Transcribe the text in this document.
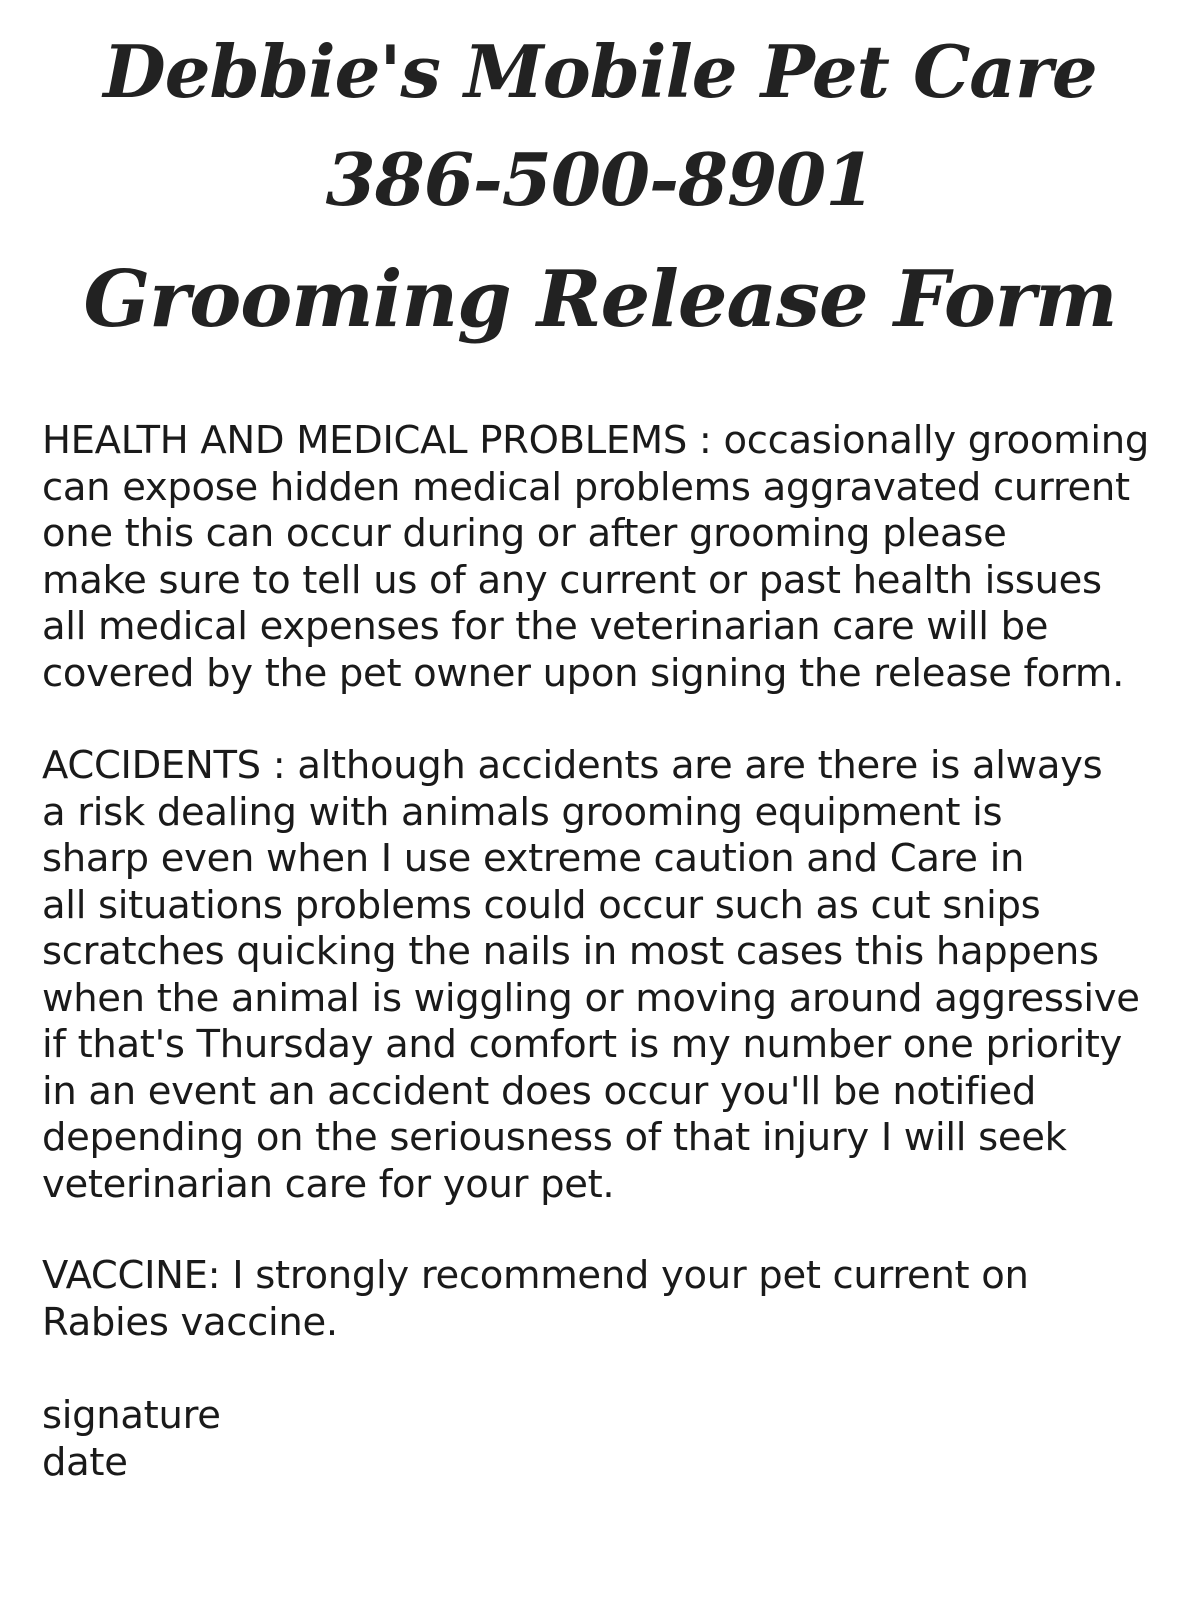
Debbie's Mobile Pet Care
386-500-8901
Grooming Release Form
HEALTH AND MEDICAL PROBLEMS : occasionally grooming
can expose hidden medical problems aggravated current
one this can occur during or after grooming please
make sure to tell us of any current or past health issues
all medical expenses for the veterinarian care will be
covered by the pet owner upon signing the release form.
ACCIDENTS : although accidents are are there is always
a risk dealing with animals grooming equipment is
sharp even when I use extreme caution and Care in
all situations problems could occur such as cut snips
scratches quicking the nails in most cases this happens
when the animal is wiggling or moving around aggressive
if that's Thursday and comfort is my number one priority
in an event an accident does occur you'll be notified
depending on the seriousness of that injury I will seek
veterinarian care for your pet.
VACCINE: I strongly recommend your pet current on
Rabies vaccine.
signature
date
